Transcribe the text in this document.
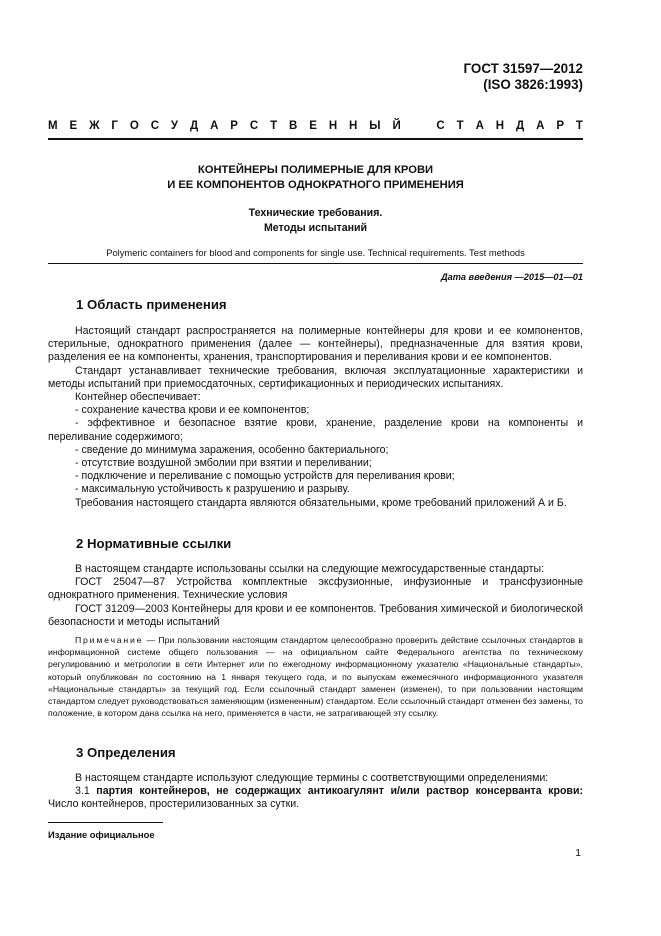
ГОСТ 31597—2012
(ISO 3826:1993)
М Е Ж Г О С У Д А Р С Т В Е Н Н Ы Й	С Т А Н Д А Р Т
КОНТЕЙНЕРЫ ПОЛИМЕРНЫЕ ДЛЯ КРОВИ
И ЕЕ КОМПОНЕНТОВ ОДНОКРАТНОГО ПРИМЕНЕНИЯ
Технические требования.
Методы испытаний
Polymeric containers for blood and components for single use. Technical requirements. Test methods
Дата введения —2015—01—01
1 Область применения
Настоящий стандарт распространяется на полимерные контейнеры для крови и ее компонентов, стерильные, однократного применения (далее — контейнеры), предназначенные для взятия крови, разделения ее на компоненты, хранения, транспортирования и переливания крови и ее компонентов.
Стандарт устанавливает технические требования, включая эксплуатационные характеристики и методы испытаний при приемосдаточных, сертификационных и периодических испытаниях.
Контейнер обеспечивает:
- сохранение качества крови и ее компонентов;
- эффективное и безопасное взятие крови, хранение, разделение крови на компоненты и переливание содержимого;
- сведение до минимума заражения, особенно бактериального;
- отсутствие воздушной эмболии при взятии и переливании;
- подключение и переливание с помощью устройств для переливания крови;
- максимальную устойчивость к разрушению и разрыву.
Требования настоящего стандарта являются обязательными, кроме требований приложений А и Б.
2 Нормативные ссылки
В настоящем стандарте использованы ссылки на следующие межгосударственные стандарты:
ГОСТ 25047—87 Устройства комплектные эксфузионные, инфузионные и трансфузионные однократного применения. Технические условия
ГОСТ 31209—2003 Контейнеры для крови и ее компонентов. Требования химической и биологической безопасности и методы испытаний
Примечание — При пользовании настоящим стандартом целесообразно проверить действие ссылочных стандартов в информационной системе общего пользования — на официальном сайте Федерального агентства по техническому регулированию и метрологии в сети Интернет или по ежегодному информационному указателю «Национальные стандарты», который опубликован по состоянию на 1 января текущего года, и по выпускам ежемесячного информационного указателя «Национальные стандарты» за текущий год. Если ссылочный стандарт заменен (изменен), то при пользовании настоящим стандартом следует руководствоваться заменяющим (измененным) стандартом. Если ссылочный стандарт отменен без замены, то положение, в котором дана ссылка на него, применяется в части, не затрагивающей эту ссылку.
3 Определения
В настоящем стандарте используют следующие термины с соответствующими определениями:
3.1 партия контейнеров, не содержащих антикоагулянт и/или раствор консерванта крови: Число контейнеров, простерилизованных за сутки.
Издание официальное
1
